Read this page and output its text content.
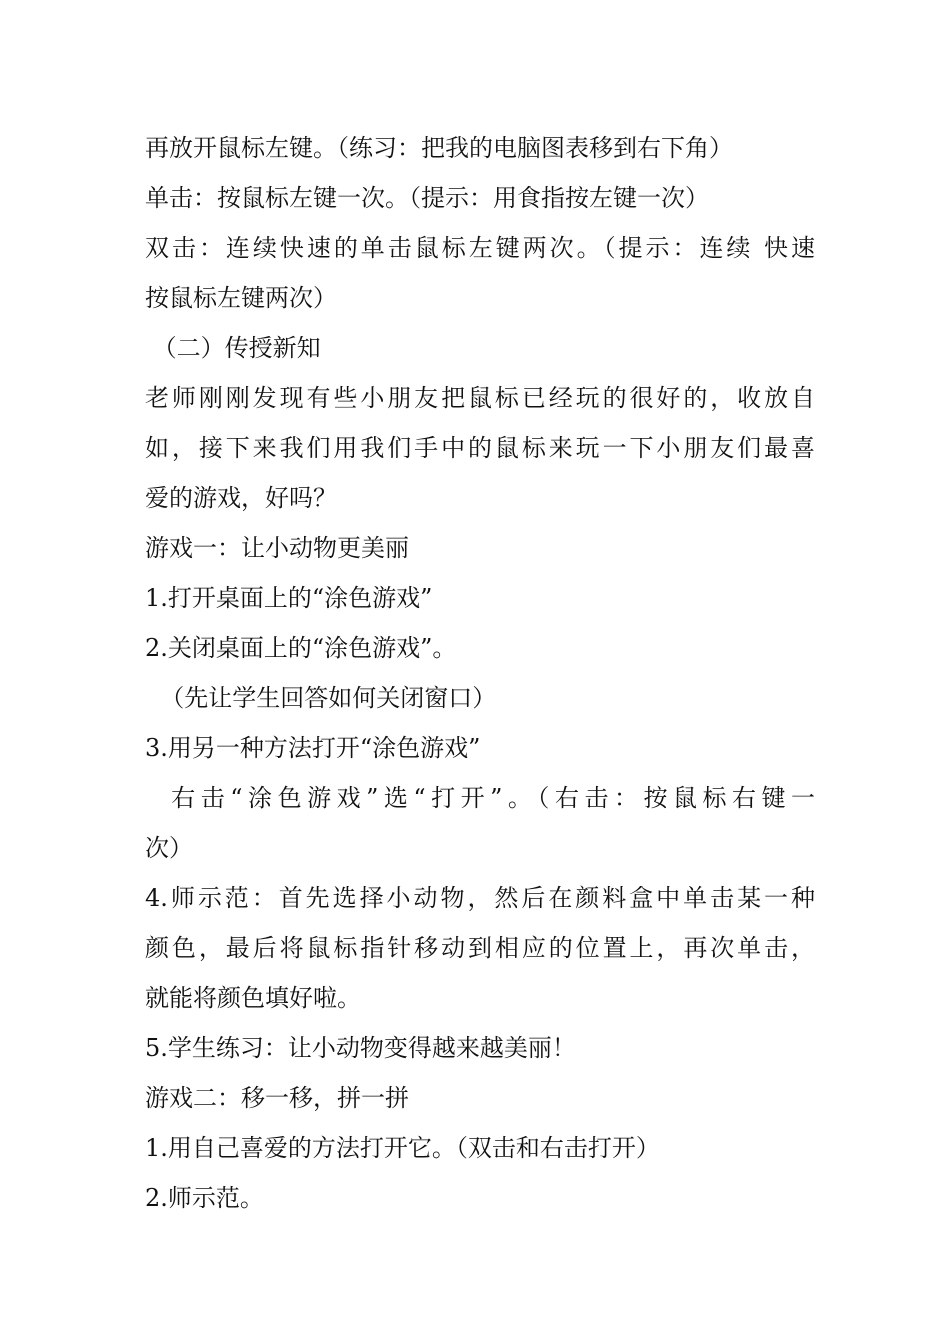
再放开鼠标左键。（练习：把我的电脑图表移到右下角）
单击：按鼠标左键一次。（提示：用食指按左键一次）
双击：连续快速的单击鼠标左键两次。（提示：连续 快速
按鼠标左键两次）
（二）传授新知
老师刚刚发现有些小朋友把鼠标已经玩的很好的，收放自
如，接下来我们用我们手中的鼠标来玩一下小朋友们最喜
爱的游戏，好吗？
游戏一：让小动物更美丽
1.打开桌面上的“涂色游戏”
2.关闭桌面上的“涂色游戏”。
（先让学生回答如何关闭窗口）
3.用另一种方法打开“涂色游戏”
右击“涂色游戏”选“打开”。（右击：按鼠标右键一
次）
4.师示范：首先选择小动物，然后在颜料盒中单击某一种
颜色，最后将鼠标指针移动到相应的位置上，再次单击，
就能将颜色填好啦。
5.学生练习：让小动物变得越来越美丽！
游戏二：移一移，拼一拼
1.用自己喜爱的方法打开它。（双击和右击打开）
2.师示范。
